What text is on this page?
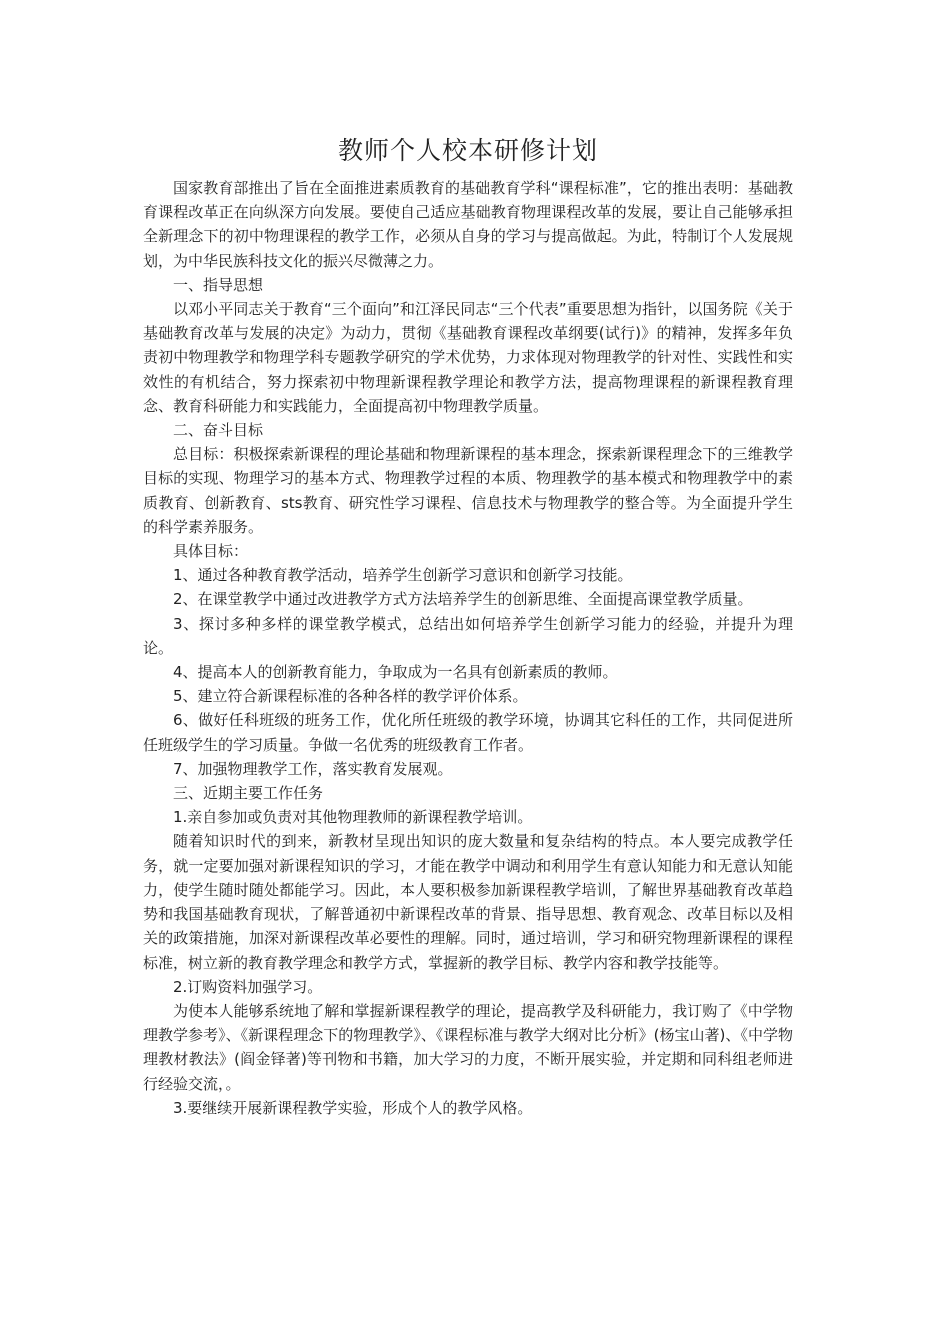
教师个人校本研修计划

国家教育部推出了旨在全面推进素质教育的基础教育学科“课程标准”，它的推出表明：基础教育课程改革正在向纵深方向发展。要使自己适应基础教育物理课程改革的发展，要让自己能够承担全新理念下的初中物理课程的教学工作，必须从自身的学习与提高做起。为此，特制订个人发展规划，为中华民族科技文化的振兴尽微薄之力。

一、指导思想

以邓小平同志关于教育“三个面向”和江泽民同志“三个代表”重要思想为指针，以国务院《关于基础教育改革与发展的决定》为动力，贯彻《基础教育课程改革纲要(试行)》的精神，发挥多年负责初中物理教学和物理学科专题教学研究的学术优势，力求体现对物理教学的针对性、实践性和实效性的有机结合，努力探索初中物理新课程教学理论和教学方法，提高物理课程的新课程教育理念、教育科研能力和实践能力，全面提高初中物理教学质量。

二、奋斗目标

总目标：积极探索新课程的理论基础和物理新课程的基本理念，探索新课程理念下的三维教学目标的实现、物理学习的基本方式、物理教学过程的本质、物理教学的基本模式和物理教学中的素质教育、创新教育、sts教育、研究性学习课程、信息技术与物理教学的整合等。为全面提升学生的科学素养服务。

具体目标：

1、通过各种教育教学活动，培养学生创新学习意识和创新学习技能。

2、在课堂教学中通过改进教学方式方法培养学生的创新思维、全面提高课堂教学质量。

3、探讨多种多样的课堂教学模式，总结出如何培养学生创新学习能力的经验，并提升为理论。

4、提高本人的创新教育能力，争取成为一名具有创新素质的教师。

5、建立符合新课程标准的各种各样的教学评价体系。

6、做好任科班级的班务工作，优化所任班级的教学环境，协调其它科任的工作，共同促进所任班级学生的学习质量。争做一名优秀的班级教育工作者。

7、加强物理教学工作，落实教育发展观。

三、近期主要工作任务

1.亲自参加或负责对其他物理教师的新课程教学培训。

随着知识时代的到来，新教材呈现出知识的庞大数量和复杂结构的特点。本人要完成教学任务，就一定要加强对新课程知识的学习，才能在教学中调动和利用学生有意认知能力和无意认知能力，使学生随时随处都能学习。因此，本人要积极参加新课程教学培训，了解世界基础教育改革趋势和我国基础教育现状，了解普通初中新课程改革的背景、指导思想、教育观念、改革目标以及相关的政策措施，加深对新课程改革必要性的理解。同时，通过培训，学习和研究物理新课程的课程标准，树立新的教育教学理念和教学方式，掌握新的教学目标、教学内容和教学技能等。

2.订购资料加强学习。

为使本人能够系统地了解和掌握新课程教学的理论，提高教学及科研能力，我订购了《中学物理教学参考》、《新课程理念下的物理教学》、《课程标准与教学大纲对比分析》(杨宝山著)、《中学物理教材教法》(阎金铎著)等刊物和书籍，加大学习的力度，不断开展实验，并定期和同科组老师进行经验交流，。

3.要继续开展新课程教学实验，形成个人的教学风格。
